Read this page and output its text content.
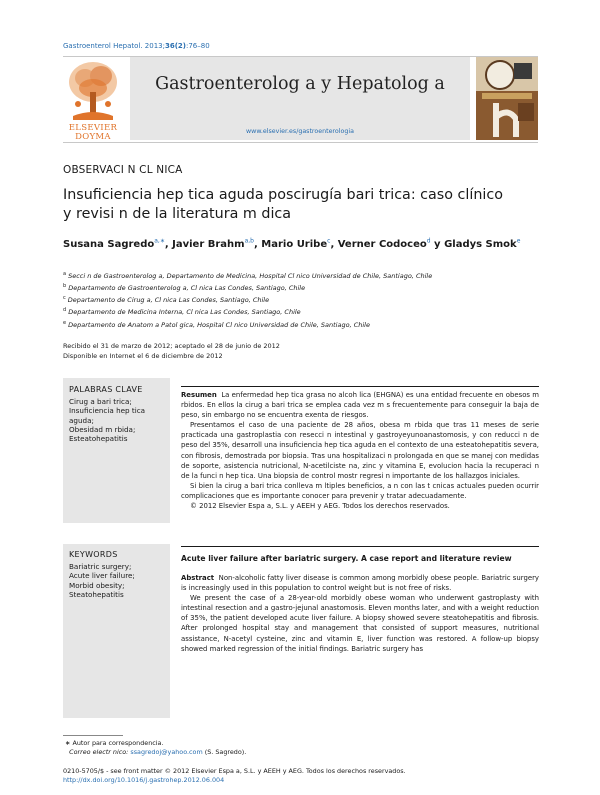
Gastroenterol Hepatol. 2013;36(2):76–80
ELSEVIER
DOYMA
Gastroenterolog a y Hepatolog a
www.elsevier.es/gastroenterologia
OBSERVACI N CL NICA
Insuficiencia hep tica aguda poscirugía bari trica: caso clínico
y revisi n de la literatura m dica
Susana Sagredo$^{a,∗}$, Javier Brahm$^{a,b}$, Mario Uribe$^c$, Verner Codoceo$^d$ y Gladys Smok$^e$
$^a$ Secci n de Gastroenterolog a, Departamento de Medicina, Hospital Cl nico Universidad de Chile, Santiago, Chile
$^b$ Departamento de Gastroenterolog a, Cl nica Las Condes, Santiago, Chile
$^c$ Departamento de Cirug a, Cl nica Las Condes, Santiago, Chile
$^d$ Departamento de Medicina Interna, Cl nica Las Condes, Santiago, Chile
$^e$ Departamento de Anatom a Patol gica, Hospital Cl nico Universidad de Chile, Santiago, Chile
Recibido el 31 de marzo de 2012; aceptado el 28 de junio de 2012
Disponible en Internet el 6 de diciembre de 2012
PALABRAS CLAVE
Cirug a bari trica;
Insuficiencia hep tica
aguda;
Obesidad m rbida;
Esteatohepatitis

Resumen La enfermedad hep tica grasa no alcoh lica (EHGNA) es una entidad frecuente en obesos m rbidos. En ellos la cirug a bari trica se emplea cada vez m s frecuentemente para conseguir la baja de peso, sin embargo no se encuentra exenta de riesgos.

Presentamos el caso de una paciente de 28 años, obesa m rbida que tras 11 meses de serie practicada una gastroplastia con resecci n intestinal y gastroyeyunoanastomosis, y con reducci n de peso del 35%, desarroll una insuficiencia hep tica aguda en el contexto de una esteatohepatitis severa, con fibrosis, demostrada por biopsia. Tras una hospitalizaci n prolongada en que se manej con medidas de soporte, asistencia nutricional, N-acetilciste na, zinc y vitamina E, evolucion hacia la recuperaci n de la funci n hep tica. Una biopsia de control mostr regresi n importante de los hallazgos iniciales.

Si bien la cirug a bari trica conlleva m ltiples beneficios, a n con las t cnicas actuales pueden ocurrir complicaciones que es importante conocer para prevenir y tratar adecuadamente.

© 2012 Elsevier Espa a, S.L. y AEEH y AEG. Todos los derechos reservados.

KEYWORDS
Bariatric surgery;
Acute liver failure;
Morbid obesity;
Steatohepatitis
Acute liver failure after bariatric surgery. A case report and literature review

Abstract Non-alcoholic fatty liver disease is common among morbidly obese people. Bariatric surgery is increasingly used in this population to control weight but is not free of risks.

We present the case of a 28-year-old morbidly obese woman who underwent gastroplasty with intestinal resection and a gastro-jejunal anastomosis. Eleven months later, and with a weight reduction of 35%, the patient developed acute liver failure. A biopsy showed severe steatohepatitis and fibrosis. After prolonged hospital stay and management that consisted of support measures, nutritional assistance, N-acetyl cysteine, zinc and vitamin E, liver function was restored. A follow-up biopsy showed marked regression of the initial findings. Bariatric surgery has

∗ Autor para correspondencia.
Correo electr nico: ssagredoj@yahoo.com (S. Sagredo).
0210-5705/$ - see front matter © 2012 Elsevier Espa a, S.L. y AEEH y AEG. Todos los derechos reservados.
http://dx.doi.org/10.1016/j.gastrohep.2012.06.004
